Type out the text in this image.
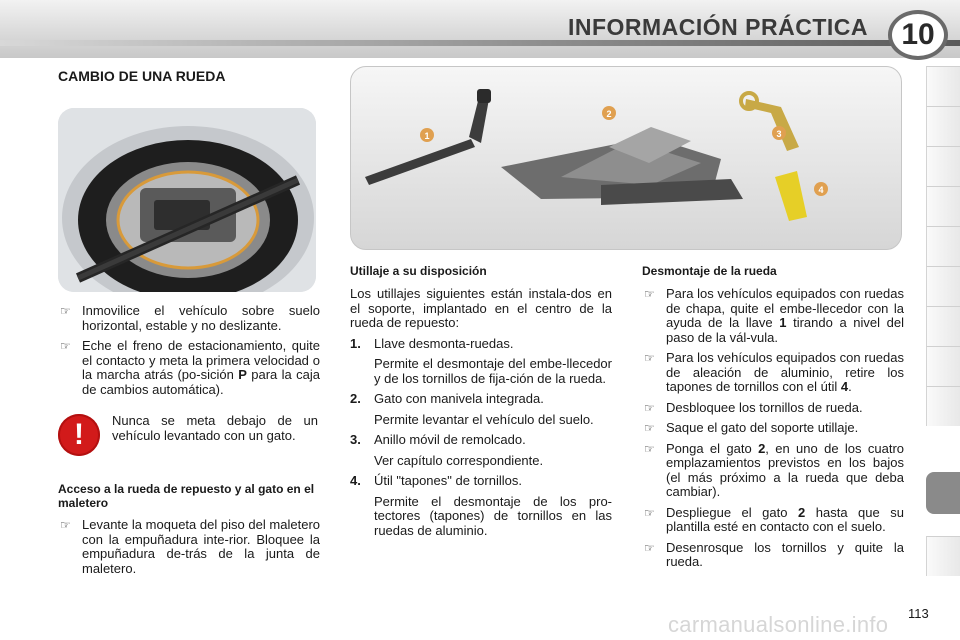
INFORMACIÓN PRÁCTICA	10
CAMBIO DE UNA RUEDA
1
2
3
4
☞ Inmovilice el vehículo sobre suelo horizontal, estable y no deslizante.
☞ Eche el freno de estacionamiento, quite el contacto y meta la primera velocidad o la marcha atrás (po-sición P para la caja de cambios automática).
!	Nunca se meta debajo de un vehículo levantado con un gato.
Acceso a la rueda de repuesto y al gato en el maletero
☞ Levante la moqueta del piso del maletero con la empuñadura inte-rior. Bloquee la empuñadura de-trás de la junta de maletero.
Utillaje a su disposición
Los utillajes siguientes están instala-dos en el soporte, implantado en el centro de la rueda de repuesto:
1. Llave desmonta-ruedas.
Permite el desmontaje del embe-llecedor y de los tornillos de fija-ción de la rueda.
2. Gato con manivela integrada.
Permite levantar el vehículo del suelo.
3. Anillo móvil de remolcado.
Ver capítulo correspondiente.
4. Útil "tapones" de tornillos.
Permite el desmontaje de los pro-tectores (tapones) de tornillos en las ruedas de aluminio.
Desmontaje de la rueda
☞ Para los vehículos equipados con ruedas de chapa, quite el embe-llecedor con la ayuda de la llave 1 tirando a nivel del paso de la vál-vula.
☞ Para los vehículos equipados con ruedas de aleación de aluminio, retire los tapones de tornillos con el útil 4.
☞ Desbloquee los tornillos de rueda.
☞ Saque el gato del soporte utillaje.
☞ Ponga el gato 2, en uno de los cuatro emplazamientos previstos en los bajos (el más próximo a la rueda que deba cambiar).
☞ Despliegue el gato 2 hasta que su plantilla esté en contacto con el suelo.
☞ Desenrosque los tornillos y quite la rueda.
carmanualsonline.info 113
